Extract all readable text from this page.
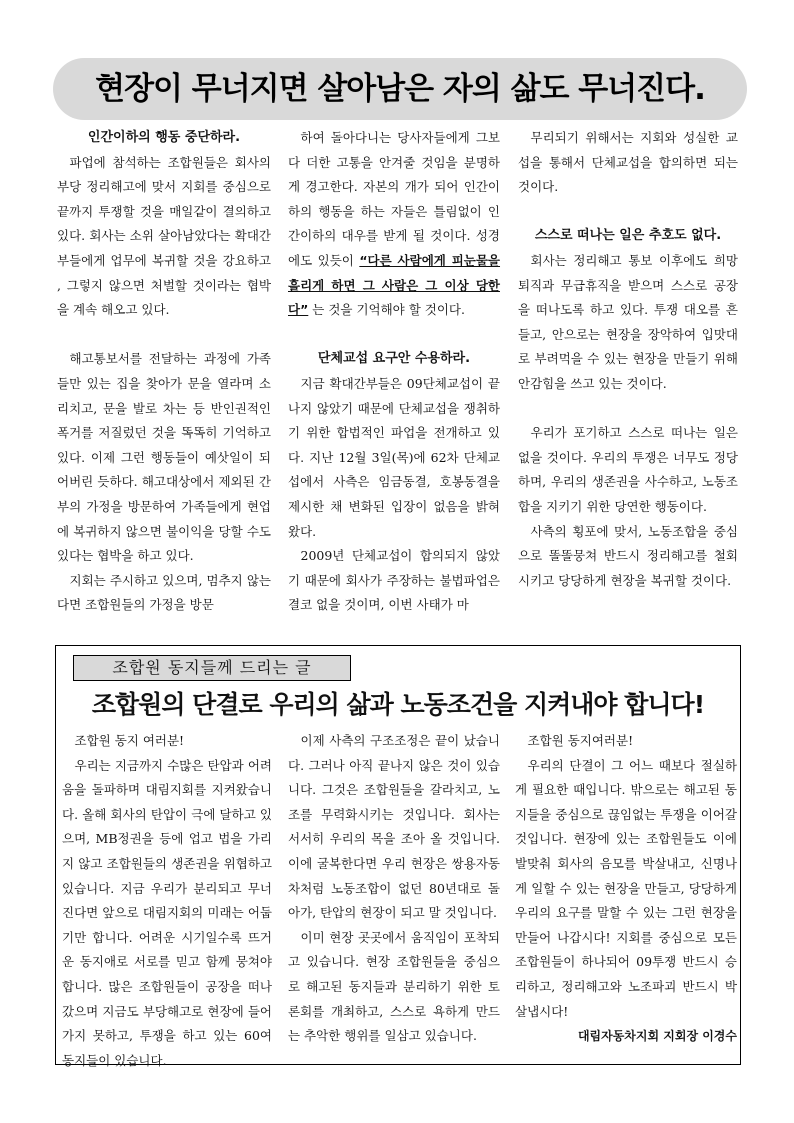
현장이 무너지면 살아남은 자의 삶도 무너진다.
인간이하의 행동 중단하라.

파업에 참석하는 조합원들은 회사의 부당 정리해고에 맞서 지회를 중심으로 끝까지 투쟁할 것을 매일같이 결의하고 있다. 회사는 소위 살아남았다는 확대간부들에게 업무에 복귀할 것을 강요하고 , 그렇지 않으면 처벌할 것이라는 협박을 계속 해오고 있다.

해고통보서를 전달하는 과정에 가족들만 있는 집을 찾아가 문을 열라며 소리치고, 문을 발로 차는 등 반인권적인 폭거를 저질렀던 것을 똑똑히 기억하고 있다. 이제 그런 행동들이 예삿일이 되어버린 듯하다. 해고대상에서 제외된 간부의 가정을 방문하여 가족들에게 현업에 복귀하지 않으면 불이익을 당할 수도 있다는 협박을 하고 있다.

지회는 주시하고 있으며, 멈추지 않는다면 조합원들의 가정을 방문

하여 돌아다니는 당사자들에게 그보다 더한 고통을 안겨줄 것임을 분명하게 경고한다. 자본의 개가 되어 인간이하의 행동을 하는 자들은 틀림없이 인간이하의 대우를 받게 될 것이다. 성경에도 있듯이 “다른 사람에게 피눈물을 흘리게 하면 그 사람은 그 이상 당한다” 는 것을 기억해야 할 것이다.

단체교섭 요구안 수용하라.

지금 확대간부들은 09단체교섭이 끝나지 않았기 때문에 단체교섭을 쟁취하기 위한 합법적인 파업을 전개하고 있다. 지난 12월 3일(목)에 62차 단체교섭에서 사측은 임금동결, 호봉동결을 제시한 채 변화된 입장이 없음을 밝혀왔다.

2009년 단체교섭이 합의되지 않았기 때문에 회사가 주장하는 불법파업은 결코 없을 것이며, 이번 사태가 마

무리되기 위해서는 지회와 성실한 교섭을 통해서 단체교섭을 합의하면 되는 것이다.

스스로 떠나는 일은 추호도 없다.

회사는 정리해고 통보 이후에도 희망퇴직과 무급휴직을 받으며 스스로 공장을 떠나도록 하고 있다. 투쟁 대오를 흔들고, 안으로는 현장을 장악하여 입맛대로 부려먹을 수 있는 현장을 만들기 위해 안감힘을 쓰고 있는 것이다.

우리가 포기하고 스스로 떠나는 일은 없을 것이다. 우리의 투쟁은 너무도 정당하며, 우리의 생존권을 사수하고, 노동조합을 지키기 위한 당연한 행동이다.

사측의 횡포에 맞서, 노동조합을 중심으로 똘똘뭉쳐 반드시 정리해고를 철회시키고 당당하게 현장을 복귀할 것이다.

조합원 동지들께 드리는 글
조합원의 단결로 우리의 삶과 노동조건을 지켜내야 합니다!

조합원 동지 여러분!

우리는 지금까지 수많은 탄압과 어려움을 돌파하며 대림지회를 지켜왔습니다. 올해 회사의 탄압이 극에 달하고 있으며, MB정권을 등에 업고 법을 가리지 않고 조합원들의 생존권을 위협하고 있습니다. 지금 우리가 분리되고 무너진다면 앞으로 대림지회의 미래는 어둡기만 합니다. 어려운 시기일수록 뜨거운 동지애로 서로를 믿고 함께 뭉쳐야 합니다. 많은 조합원들이 공장을 떠나갔으며 지금도 부당해고로 현장에 들어가지 못하고, 투쟁을 하고 있는 60여 동지들이 있습니다.

이제 사측의 구조조정은 끝이 났습니다. 그러나 아직 끝나지 않은 것이 있습니다. 그것은 조합원들을 갈라치고, 노조를 무력화시키는 것입니다. 회사는 서서히 우리의 목을 조아 올 것입니다. 이에 굴복한다면 우리 현장은 쌍용자동차처럼 노동조합이 없던 80년대로 돌아가, 탄압의 현장이 되고 말 것입니다.

이미 현장 곳곳에서 움직임이 포착되고 있습니다. 현장 조합원들을 중심으로 해고된 동지들과 분리하기 위한 토론회를 개최하고, 스스로 욕하게 만드는 추악한 행위를 일삼고 있습니다.

조합원 동지여러분!

우리의 단결이 그 어느 때보다 절실하게 필요한 때입니다. 밖으로는 해고된 동지들을 중심으로 끊임없는 투쟁을 이어갈 것입니다. 현장에 있는 조합원들도 이에 발맞춰 회사의 음모를 박살내고, 신명나게 일할 수 있는 현장을 만들고, 당당하게 우리의 요구를 말할 수 있는 그런 현장을 만들어 나갑시다! 지회를 중심으로 모든 조합원들이 하나되어 09투쟁 반드시 승리하고, 정리해고와 노조파괴 반드시 박살냅시다!

대림자동차지회 지회장 이경수
